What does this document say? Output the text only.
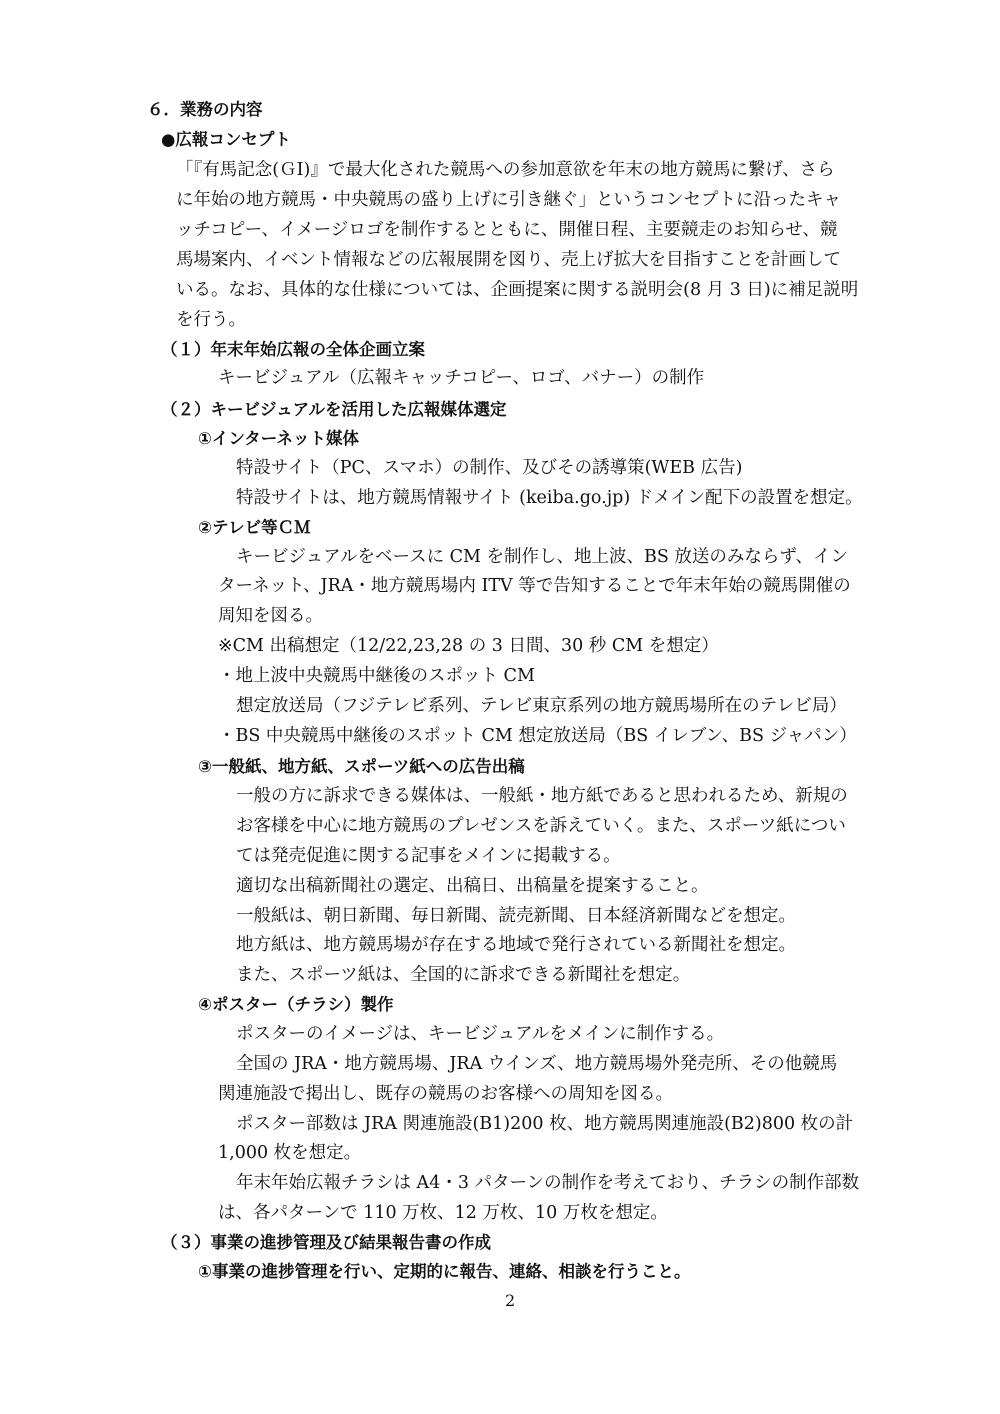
６．業務の内容

●広報コンセプト

「『有馬記念(ＧⅠ)』で最大化された競馬への参加意欲を年末の地方競馬に繋げ、さら

に年始の地方競馬・中央競馬の盛り上げに引き継ぐ」というコンセプトに沿ったキャ

ッチコピー、イメージロゴを制作するとともに、開催日程、主要競走のお知らせ、競

馬場案内、イベント情報などの広報展開を図り、売上げ拡大を目指すことを計画して

いる。なお、具体的な仕様については、企画提案に関する説明会(8 月 3 日)に補足説明

を行う。

（１）年末年始広報の全体企画立案

キービジュアル（広報キャッチコピー、ロゴ、バナー）の制作

（２）キービジュアルを活用した広報媒体選定

①インターネット媒体

特設サイト（PC、スマホ）の制作、及びその誘導策(WEB 広告)

特設サイトは、地方競馬情報サイト (keiba.go.jp) ドメイン配下の設置を想定。

②テレビ等ＣＭ

キービジュアルをベースに CM を制作し、地上波、BS 放送のみならず、イン

ターネット、JRA・地方競馬場内 ITV 等で告知することで年末年始の競馬開催の

周知を図る。

※CM 出稿想定（12/22,23,28 の 3 日間、30 秒 CM を想定）

・地上波中央競馬中継後のスポット CM

想定放送局（フジテレビ系列、テレビ東京系列の地方競馬場所在のテレビ局）

・BS 中央競馬中継後のスポット CM 想定放送局（BS イレブン、BS ジャパン）

③一般紙、地方紙、スポーツ紙への広告出稿

一般の方に訴求できる媒体は、一般紙・地方紙であると思われるため、新規の

お客様を中心に地方競馬のプレゼンスを訴えていく。また、スポーツ紙につい

ては発売促進に関する記事をメインに掲載する。

適切な出稿新聞社の選定、出稿日、出稿量を提案すること。

一般紙は、朝日新聞、毎日新聞、読売新聞、日本経済新聞などを想定。

地方紙は、地方競馬場が存在する地域で発行されている新聞社を想定。

また、スポーツ紙は、全国的に訴求できる新聞社を想定。

④ポスター（チラシ）製作

ポスターのイメージは、キービジュアルをメインに制作する。

全国の JRA・地方競馬場、JRA ウインズ、地方競馬場外発売所、その他競馬

関連施設で掲出し、既存の競馬のお客様への周知を図る。

ポスター部数は JRA 関連施設(B1)200 枚、地方競馬関連施設(B2)800 枚の計

1,000 枚を想定。

年末年始広報チラシは A4・3 パターンの制作を考えており、チラシの制作部数

は、各パターンで 110 万枚、12 万枚、10 万枚を想定。

（３）事業の進捗管理及び結果報告書の作成

①事業の進捗管理を行い、定期的に報告、連絡、相談を行うこと。

2
